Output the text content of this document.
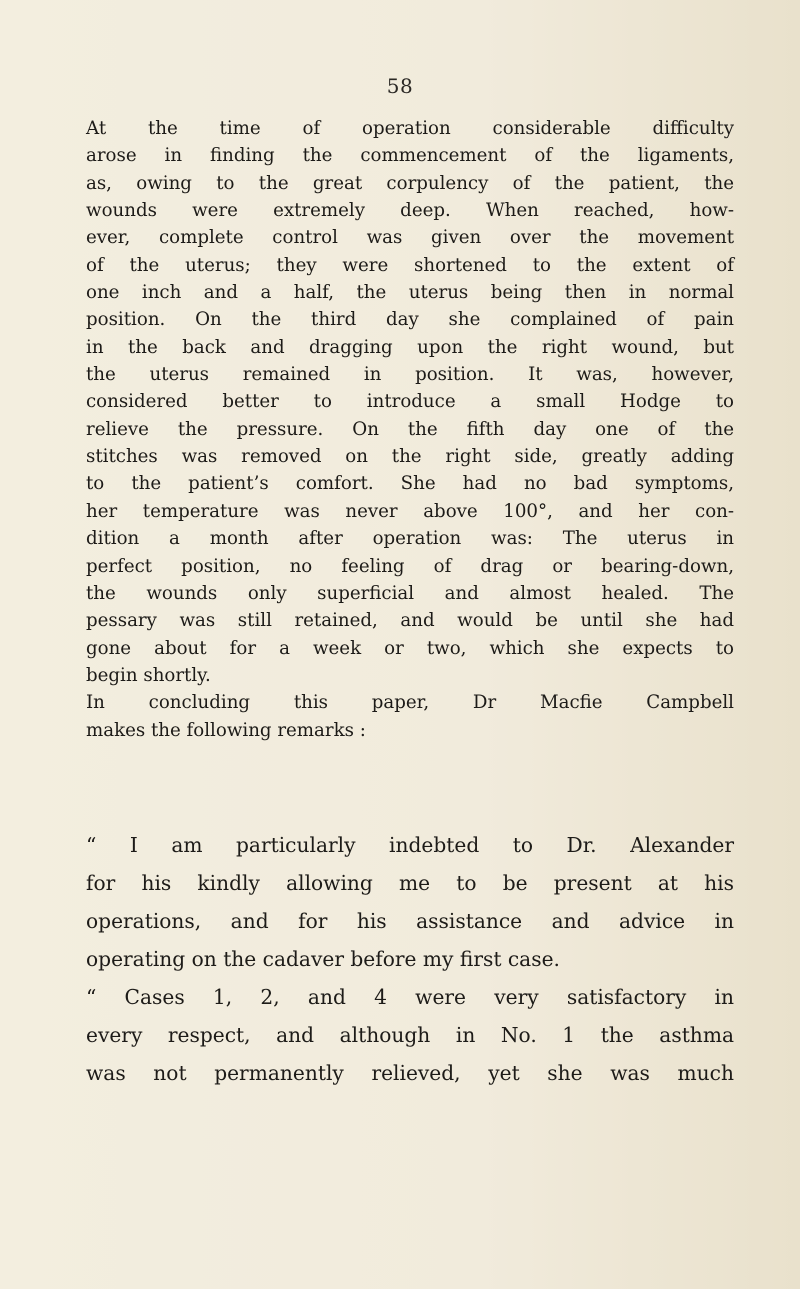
58
At the time of operation considerable difficulty
arose in finding the commencement of the ligaments,
as, owing to the great corpulency of the patient, the
wounds were extremely deep. When reached, how-
ever, complete control was given over the movement
of the uterus; they were shortened to the extent of
one inch and a half, the uterus being then in normal
position. On the third day she complained of pain
in the back and dragging upon the right wound, but
the uterus remained in position. It was, however,
considered better to introduce a small Hodge to
relieve the pressure. On the fifth day one of the
stitches was removed on the right side, greatly adding
to the patient’s comfort. She had no bad symptoms,
her temperature was never above 100°, and her con-
dition a month after operation was: The uterus in
perfect position, no feeling of drag or bearing-down,
the wounds only superficial and almost healed. The
pessary was still retained, and would be until she had
gone about for a week or two, which she expects to
begin shortly.
In concluding this paper, Dr Macfie Campbell
makes the following remarks :
“ I am particularly indebted to Dr. Alexander
for his kindly allowing me to be present at his
operations, and for his assistance and advice in
operating on the cadaver before my first case.
“ Cases 1, 2, and 4 were very satisfactory in
every respect, and although in No. 1 the asthma
was not permanently relieved, yet she was much
